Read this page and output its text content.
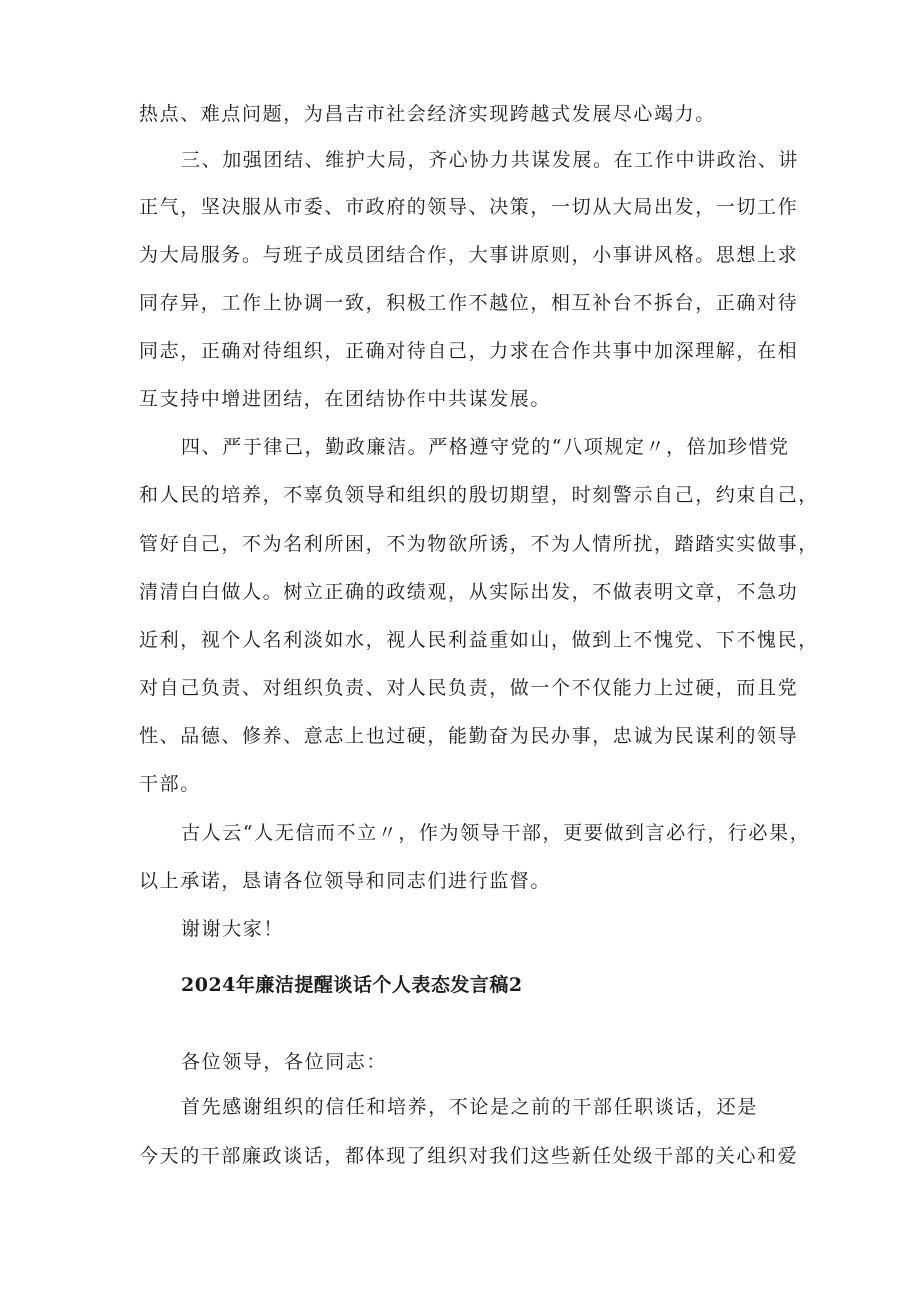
热点、难点问题，为昌吉市社会经济实现跨越式发展尽心竭力。
三、加强团结、维护大局，齐心协力共谋发展。在工作中讲政治、讲
正气，坚决服从市委、市政府的领导、决策，一切从大局出发，一切工作
为大局服务。与班子成员团结合作，大事讲原则，小事讲风格。思想上求
同存异，工作上协调一致，积极工作不越位，相互补台不拆台，正确对待
同志，正确对待组织，正确对待自己，力求在合作共事中加深理解，在相
互支持中增进团结，在团结协作中共谋发展。
四、严于律己，勤政廉洁。严格遵守党的“八项规定〃，倍加珍惜党
和人民的培养，不辜负领导和组织的殷切期望，时刻警示自己，约束自己，
管好自己，不为名利所困，不为物欲所诱，不为人情所扰，踏踏实实做事，
清清白白做人。树立正确的政绩观，从实际出发，不做表明文章，不急功
近利，视个人名利淡如水，视人民利益重如山，做到上不愧党、下不愧民，
对自己负责、对组织负责、对人民负责，做一个不仅能力上过硬，而且党
性、品德、修养、意志上也过硬，能勤奋为民办事，忠诚为民谋利的领导
干部。
古人云“人无信而不立〃，作为领导干部，更要做到言必行，行必果，
以上承诺，恳请各位领导和同志们进行监督。
谢谢大家！
2024年廉洁提醒谈话个人表态发言稿2
各位领导，各位同志：
首先感谢组织的信任和培养，不论是之前的干部任职谈话，还是
今天的干部廉政谈话，都体现了组织对我们这些新任处级干部的关心和爱
